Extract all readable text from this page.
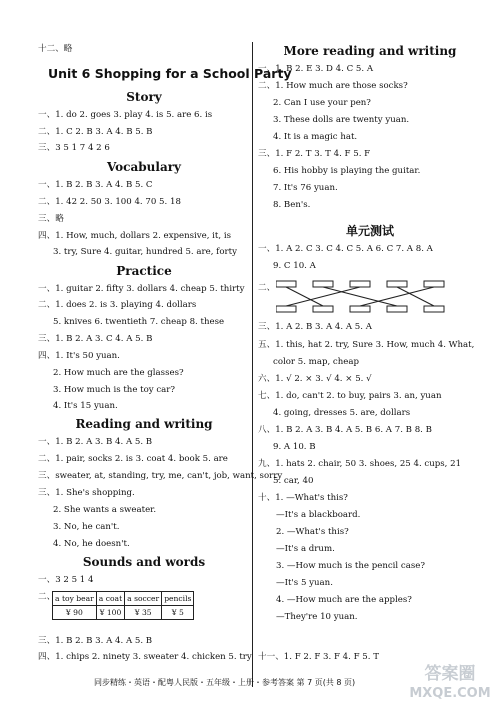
十二、略
Unit 6 Shopping for a School Party
Story
一、1. do 2. goes 3. play 4. is 5. are 6. is
二、1. C 2. B 3. A 4. B 5. B
三、3 5 1 7 4 2 6
Vocabulary
一、1. B 2. B 3. A 4. B 5. C
二、1. 42 2. 50 3. 100 4. 70 5. 18
三、略
四、1. How, much, dollars 2. expensive, it, is
3. try, Sure 4. guitar, hundred 5. are, forty
Practice
一、1. guitar 2. fifty 3. dollars 4. cheap 5. thirty
二、1. does 2. is 3. playing 4. dollars
5. knives 6. twentieth 7. cheap 8. these
三、1. B 2. A 3. C 4. A 5. B
四、1. It's 50 yuan.
2. How much are the glasses?
3. How much is the toy car?
4. It's 15 yuan.
Reading and writing
一、1. B 2. A 3. B 4. A 5. B
二、1. pair, socks 2. is 3. coat 4. book 5. are
三、sweater, at, standing, try, me, can't, job, want, sorry
三、1. She's shopping.
2. She wants a sweater.
3. No, he can't.
4. No, he doesn't.
Sounds and words
一、3 2 5 1 4
二、 a toy bear	a coat	a soccer	pencils
¥ 90	¥ 100	¥ 35	¥ 5
三、1. B 2. B 3. A 4. A 5. B
四、1. chips 2. ninety 3. sweater 4. chicken 5. try
More reading and writing
一、1. B 2. E 3. D 4. C 5. A
二、1. How much are those socks?
2. Can I use your pen?
3. These dolls are twenty yuan.
4. It is a magic hat.
三、1. F 2. T 3. T 4. F 5. F
6. His hobby is playing the guitar.
7. It's 76 yuan.
8. Ben's.
单元测试
一、1. A 2. C 3. C 4. C 5. A 6. C 7. A 8. A
9. C 10. A
二、
三、1. A 2. B 3. A 4. A 5. A
五、1. this, hat 2. try, Sure 3. How, much 4. What,
color 5. map, cheap
六、1. √ 2. × 3. √ 4. × 5. √
七、1. do, can't 2. to buy, pairs 3. an, yuan
4. going, dresses 5. are, dollars
八、1. B 2. A 3. B 4. A 5. B 6. A 7. B 8. B
9. A 10. B
九、1. hats 2. chair, 50 3. shoes, 25 4. cups, 21
5. car, 40
十、1. —What's this?
—It's a blackboard.
2. —What's this?
—It's a drum.
3. —How much is the pencil case?
—It's 5 yuan.
4. —How much are the apples?
—They're 10 yuan.
十一、1. F 2. F 3. F 4. F 5. T
同步精练・英语・配粤人民版・五年级・上册・参考答案 第 7 页(共 8 页)	答案圈
MXQE.COM
